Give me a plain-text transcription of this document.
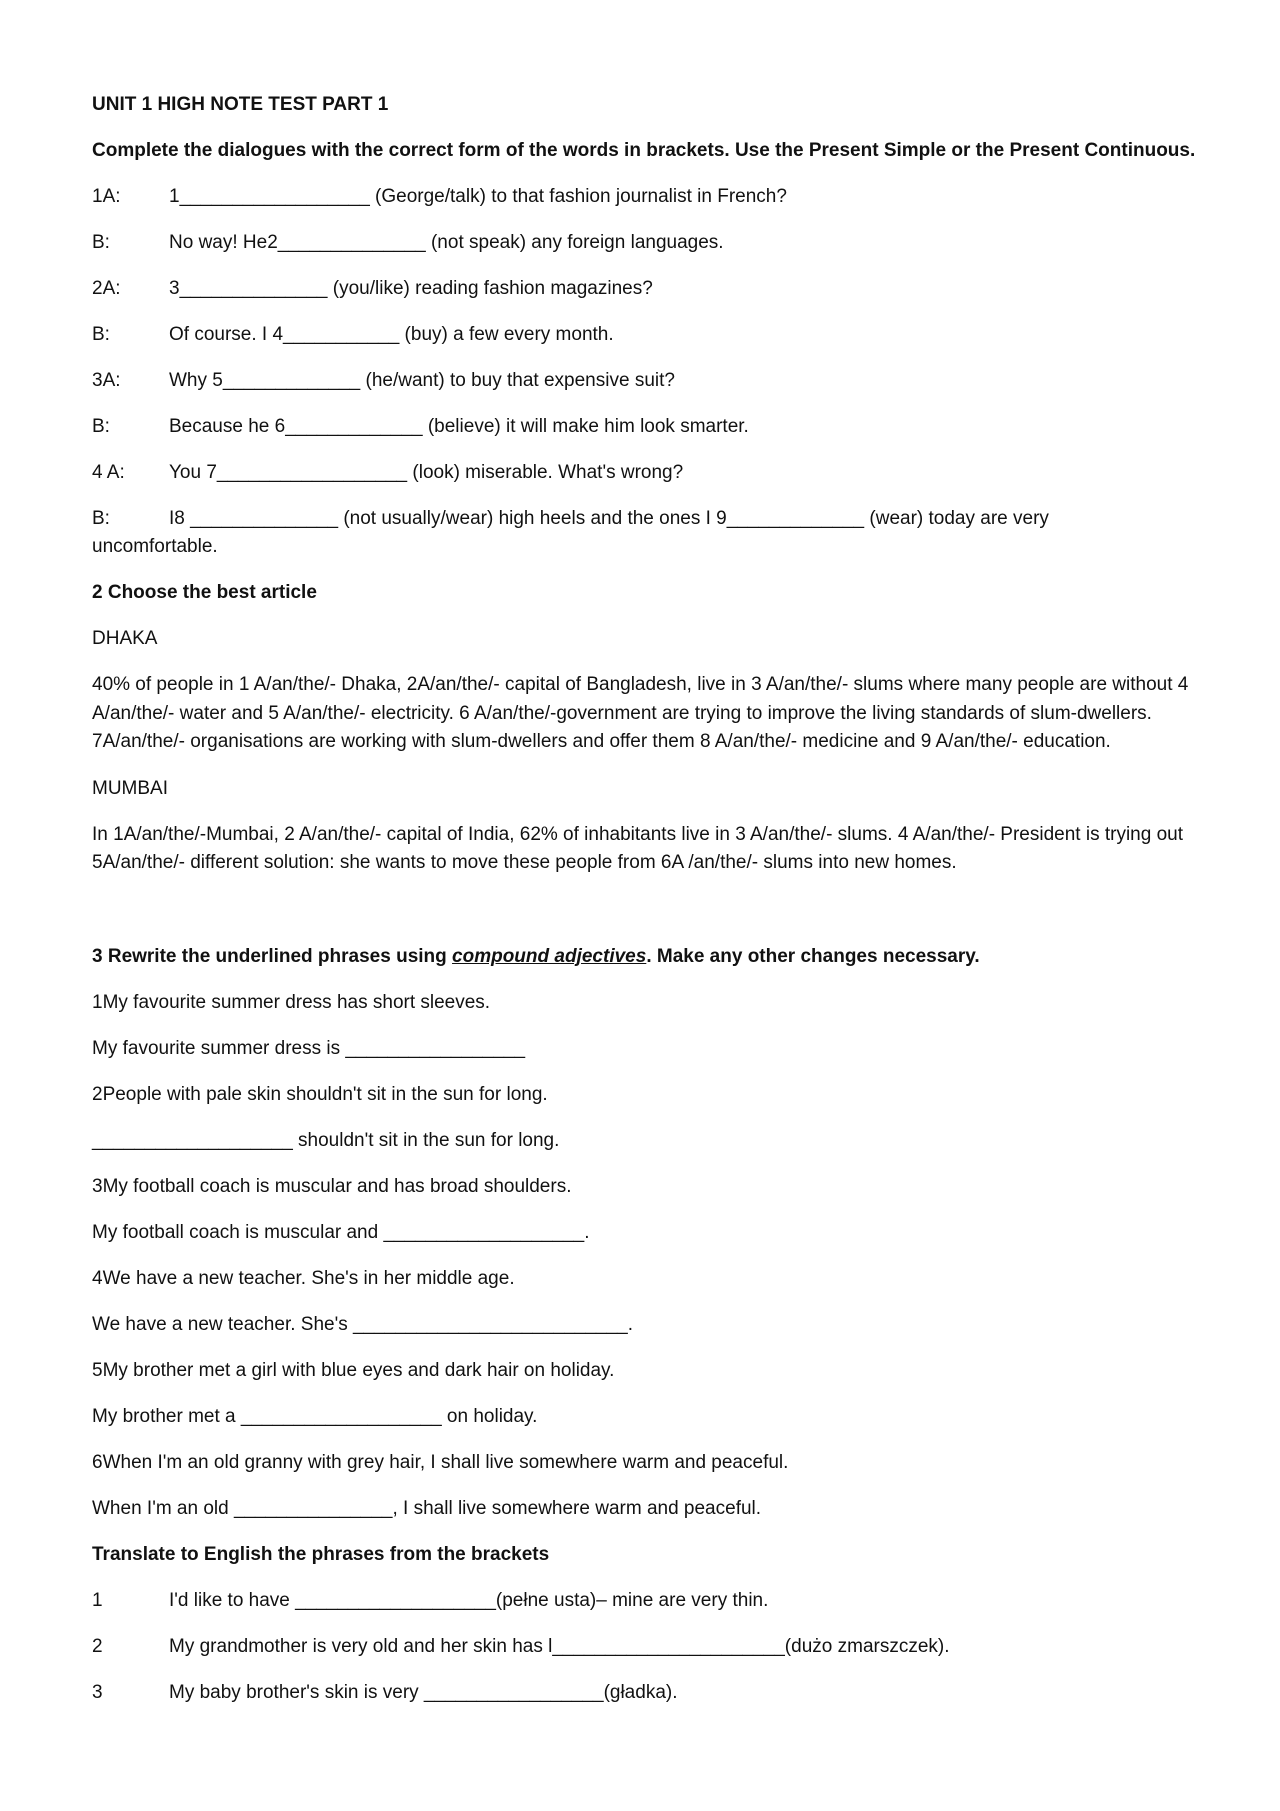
UNIT 1 HIGH NOTE TEST PART 1
Complete the dialogues with the correct form of the words in brackets. Use the Present Simple or the Present Continuous.
1A:	1__________________ (George/talk) to that fashion journalist in French?
B:	No way! He2______________ (not speak) any foreign languages.
2A:	3______________ (you/like) reading fashion magazines?
B:	Of course. I 4___________ (buy) a few every month.
3A:	Why 5_____________ (he/want) to buy that expensive suit?
B:	Because he 6_____________ (believe) it will make him look smarter.
4 A: You 7__________________ (look) miserable. What's wrong?
B:	I8 ______________ (not usually/wear) high heels and the ones I 9_____________ (wear) today are very
uncomfortable.
2 Choose the best article
DHAKA
40% of people in 1 A/an/the/- Dhaka, 2A/an/the/- capital of Bangladesh, live in 3 A/an/the/- slums where many people are without 4 A/an/the/- water and 5 A/an/the/- electricity. 6 A/an/the/-government are trying to improve the living standards of slum-dwellers. 7A/an/the/- organisations are working with slum-dwellers and offer them 8 A/an/the/- medicine and 9 A/an/the/- education.
MUMBAI
In 1A/an/the/-Mumbai, 2 A/an/the/- capital of India, 62% of inhabitants live in 3 A/an/the/- slums. 4 A/an/the/- President is trying out 5A/an/the/- different solution: she wants to move these people from 6A /an/the/- slums into new homes.
3 Rewrite the underlined phrases using compound adjectives. Make any other changes necessary.
1My favourite summer dress has short sleeves.
My favourite summer dress is _________________
2People with pale skin shouldn't sit in the sun for long.
___________________ shouldn't sit in the sun for long.
3My football coach is muscular and has broad shoulders.
My football coach is muscular and ___________________.
4We have a new teacher. She's in her middle age.
We have a new teacher. She's __________________________.
5My brother met a girl with blue eyes and dark hair on holiday.
My brother met a ___________________ on holiday.
6When I'm an old granny with grey hair, I shall live somewhere warm and peaceful.
When I'm an old _______________, I shall live somewhere warm and peaceful.
Translate to English the phrases from the brackets
1	I'd like to have ___________________(pełne usta)– mine are very thin.
2	My grandmother is very old and her skin has l______________________(dużo zmarszczek).
3	My baby brother's skin is very _________________(gładka).
